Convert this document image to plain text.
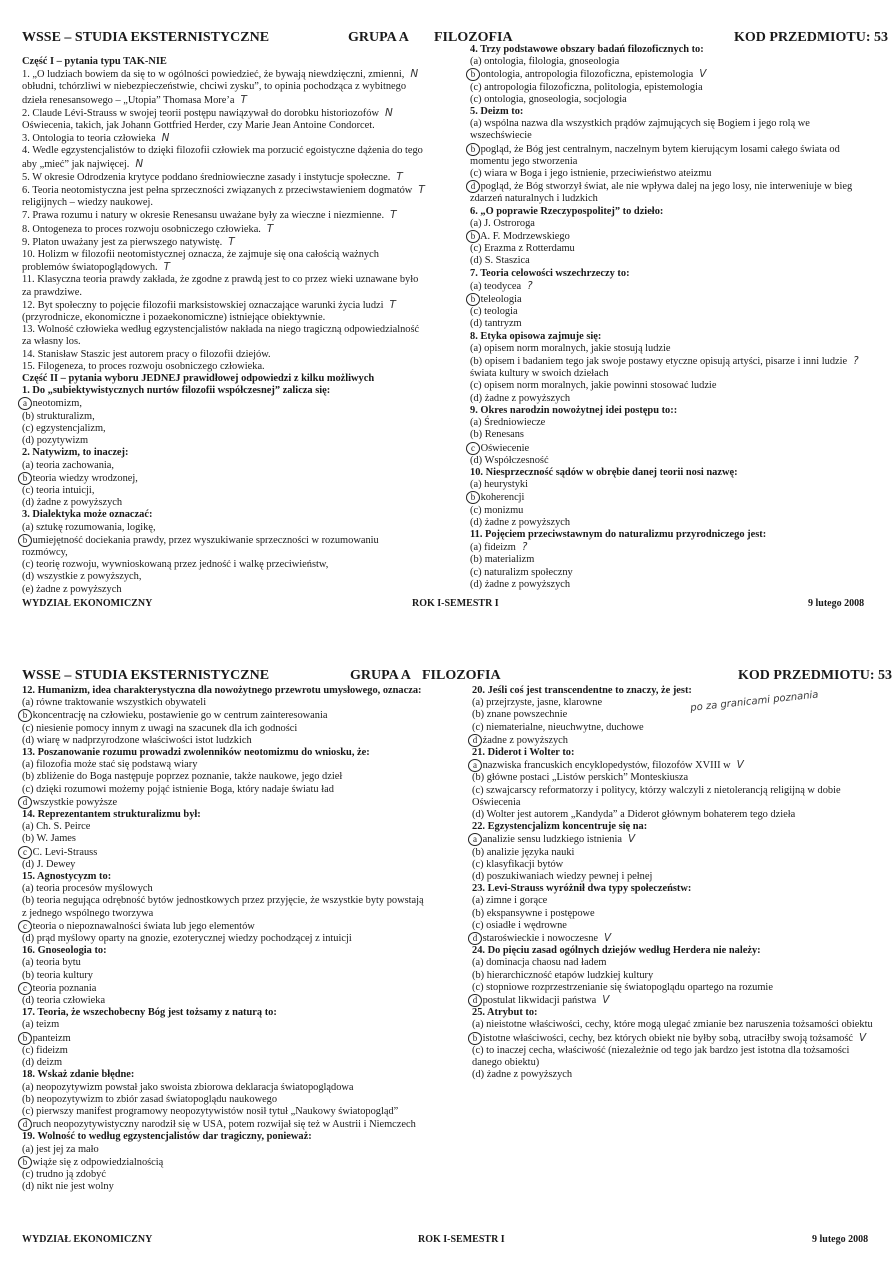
WSSE – STUDIA EKSTERNISTYCZNE	GRUPA A FILOZOFIA	KOD PRZEDMIOTU: 53
Część I – pytania typu TAK-NIE
1. „O ludziach bowiem da się to w ogólności powiedzieć, że bywają niewdzięczni, zmienni, N
obłudni, tchórzliwi w niebezpieczeństwie, chciwi zysku”, to opinia pochodząca z wybitnego
dzieła renesansowego – „Utopia” Thomasa More’a T
2. Claude Lévi-Strauss w swojej teorii postępu nawiązywał do dorobku historiozofów N
Oświecenia, takich, jak Johann Gottfried Herder, czy Marie Jean Antoine Condorcet.
3. Ontologia to teoria człowieka N
4. Wedle egzystencjalistów to dzięki filozofii człowiek ma porzucić egoistyczne dążenia do tego
aby „mieć” jak najwięcej. N
5. W okresie Odrodzenia krytyce poddano średniowieczne zasady i instytucje społeczne. T
6. Teoria neotomistyczna jest pełna sprzeczności związanych z przeciwstawieniem dogmatów T
religijnych – wiedzy naukowej.
7. Prawa rozumu i natury w okresie Renesansu uważane były za wieczne i niezmienne. T
8. Ontogeneza to proces rozwoju osobniczego człowieka. T
9. Platon uważany jest za pierwszego natywistę. T
10. Holizm w filozofii neotomistycznej oznacza, że zajmuje się ona całością ważnych
problemów światopoglądowych. T
11. Klasyczna teoria prawdy zakłada, że zgodne z prawdą jest to co przez wieki uznawane było
za prawdziwe.
12. Byt społeczny to pojęcie filozofii marksistowskiej oznaczające warunki życia ludzi T
(przyrodnicze, ekonomiczne i pozaekonomiczne) istniejące obiektywnie.
13. Wolność człowieka według egzystencjalistów nakłada na niego tragiczną odpowiedzialność
za własny los.
14. Stanisław Staszic jest autorem pracy o filozofii dziejów.
15. Filogeneza, to proces rozwoju osobniczego człowieka.
Część II – pytania wyboru JEDNEJ prawidłowej odpowiedzi z kilku możliwych
1. Do „subiektywistycznych nurtów filozofii współczesnej” zalicza się:
a neotomizm,
(b) strukturalizm,
(c) egzystencjalizm,
(d) pozytywizm
2. Natywizm, to inaczej:
(a) teoria zachowania,
b teoria wiedzy wrodzonej,
(c) teoria intuicji,
(d) żadne z powyższych
3. Dialektyka może oznaczać:
(a) sztukę rozumowania, logikę,
b umiejętność dociekania prawdy, przez wyszukiwanie sprzeczności w rozumowaniu
rozmówcy,
(c) teorię rozwoju, wywnioskowaną przez jedność i walkę przeciwieństw,
(d) wszystkie z powyższych,
(e) żadne z powyższych
4. Trzy podstawowe obszary badań filozoficznych to:
(a) ontologia, filologia, gnoseologia
b ontologia, antropologia filozoficzna, epistemologia V
(c) antropologia filozoficzna, politologia, epistemologia
(c) ontologia, gnoseologia, socjologia
5. Deizm to:
(a) wspólna nazwa dla wszystkich prądów zajmujących się Bogiem i jego rolą we
wszechświecie
b pogląd, że Bóg jest centralnym, naczelnym bytem kierującym losami całego świata od
momentu jego stworzenia
(c) wiara w Boga i jego istnienie, przeciwieństwo ateizmu
d pogląd, że Bóg stworzył świat, ale nie wpływa dalej na jego losy, nie interweniuje w bieg
zdarzeń naturalnych i ludzkich
6. „O poprawie Rzeczypospolitej” to dzieło:
(a) J. Ostroroga
b A. F. Modrzewskiego
(c) Erazma z Rotterdamu
(d) S. Staszica
7. Teoria celowości wszechrzeczy to:
(a) teodycea ?
b teleologia
(c) teologia
(d) tantryzm
8. Etyka opisowa zajmuje się:
(a) opisem norm moralnych, jakie stosują ludzie
(b) opisem i badaniem tego jak swoje postawy etyczne opisują artyści, pisarze i inni ludzie ?
świata kultury w swoich dziełach
(c) opisem norm moralnych, jakie powinni stosować ludzie
(d) żadne z powyższych
9. Okres narodzin nowożytnej idei postępu to::
(a) Średniowiecze
(b) Renesans
c Oświecenie
(d) Współczesność
10. Niesprzeczność sądów w obrębie danej teorii nosi nazwę:
(a) heurystyki
b koherencji
(c) monizmu
(d) żadne z powyższych
11. Pojęciem przeciwstawnym do naturalizmu przyrodniczego jest:
(a) fideizm ?
(b) materializm
(c) naturalizm społeczny
(d) żadne z powyższych
WYDZIAŁ EKONOMICZNY	ROK I-SEMESTR I	9 lutego 2008
WSSE – STUDIA EKSTERNISTYCZNE	GRUPA A FILOZOFIA	KOD PRZEDMIOTU: 53
12. Humanizm, idea charakterystyczna dla nowożytnego przewrotu umysłowego, oznacza:
(a) równe traktowanie wszystkich obywateli
b koncentrację na człowieku, postawienie go w centrum zainteresowania
(c) niesienie pomocy innym z uwagi na szacunek dla ich godności
(d) wiarę w nadprzyrodzone właściwości istot ludzkich
13. Poszanowanie rozumu prowadzi zwolenników neotomizmu do wniosku, że:
(a) filozofia może stać się podstawą wiary
(b) zbliżenie do Boga następuje poprzez poznanie, także naukowe, jego dzieł
(c) dzięki rozumowi możemy pojąć istnienie Boga, który nadaje światu ład
d wszystkie powyższe
14. Reprezentantem strukturalizmu był:
(a) Ch. S. Peirce
(b) W. James
c C. Levi-Strauss
(d) J. Dewey
15. Agnostycyzm to:
(a) teoria procesów myślowych
(b) teoria negująca odrębność bytów jednostkowych przez przyjęcie, że wszystkie byty powstają
z jednego wspólnego tworzywa
c teoria o niepoznawalności świata lub jego elementów
(d) prąd myślowy oparty na gnozie, ezoterycznej wiedzy pochodzącej z intuicji
16. Gnoseologia to:
(a) teoria bytu
(b) teoria kultury
c teoria poznania
(d) teoria człowieka
17. Teoria, że wszechobecny Bóg jest tożsamy z naturą to:
(a) teizm
b panteizm
(c) fideizm
(d) deizm
18. Wskaż zdanie błędne:
(a) neopozytywizm powstał jako swoista zbiorowa deklaracja światopoglądowa
(b) neopozytywizm to zbiór zasad światopoglądu naukowego
(c) pierwszy manifest programowy neopozytywistów nosił tytuł „Naukowy światopogląd”
d ruch neopozytywistyczny narodził się w USA, potem rozwijał się też w Austrii i Niemczech
19. Wolność to według egzystencjalistów dar tragiczny, ponieważ:
(a) jest jej za mało
b wiąże się z odpowiedzialnością
(c) trudno ją zdobyć
(d) nikt nie jest wolny
20. Jeśli coś jest transcendentne to znaczy, że jest:
(a) przejrzyste, jasne, klarowne
(b) znane powszechnie
(c) niematerialne, nieuchwytne, duchowe
d żadne z powyższych
21. Diderot i Wolter to:
a nazwiska francuskich encyklopedystów, filozofów XVIII w V
(b) główne postaci „Listów perskich” Monteskiusza
(c) szwajcarscy reformatorzy i politycy, którzy walczyli z nietolerancją religijną w dobie
Oświecenia
(d) Wolter jest autorem „Kandyda” a Diderot głównym bohaterem tego dzieła
22. Egzystencjalizm koncentruje się na:
a analizie sensu ludzkiego istnienia V
(b) analizie języka nauki
(c) klasyfikacji bytów
(d) poszukiwaniach wiedzy pewnej i pełnej
23. Levi-Strauss wyróżnił dwa typy społeczeństw:
(a) zimne i gorące
(b) ekspansywne i postępowe
(c) osiadłe i wędrowne
d staroświeckie i nowoczesne V
24. Do pięciu zasad ogólnych dziejów według Herdera nie należy:
(a) dominacja chaosu nad ładem
(b) hierarchiczność etapów ludzkiej kultury
(c) stopniowe rozprzestrzenianie się światopoglądu opartego na rozumie
d postulat likwidacji państwa V
25. Atrybut to:
(a) nieistotne właściwości, cechy, które mogą ulegać zmianie bez naruszenia tożsamości obiektu
b istotne właściwości, cechy, bez których obiekt nie byłby sobą, utraciłby swoją tożsamość V
(c) to inaczej cecha, właściwość (niezależnie od tego jak bardzo jest istotna dla tożsamości
danego obiektu)
(d) żadne z powyższych
po za granicami poznania
WYDZIAŁ EKONOMICZNY	ROK I-SEMESTR I	9 lutego 2008
